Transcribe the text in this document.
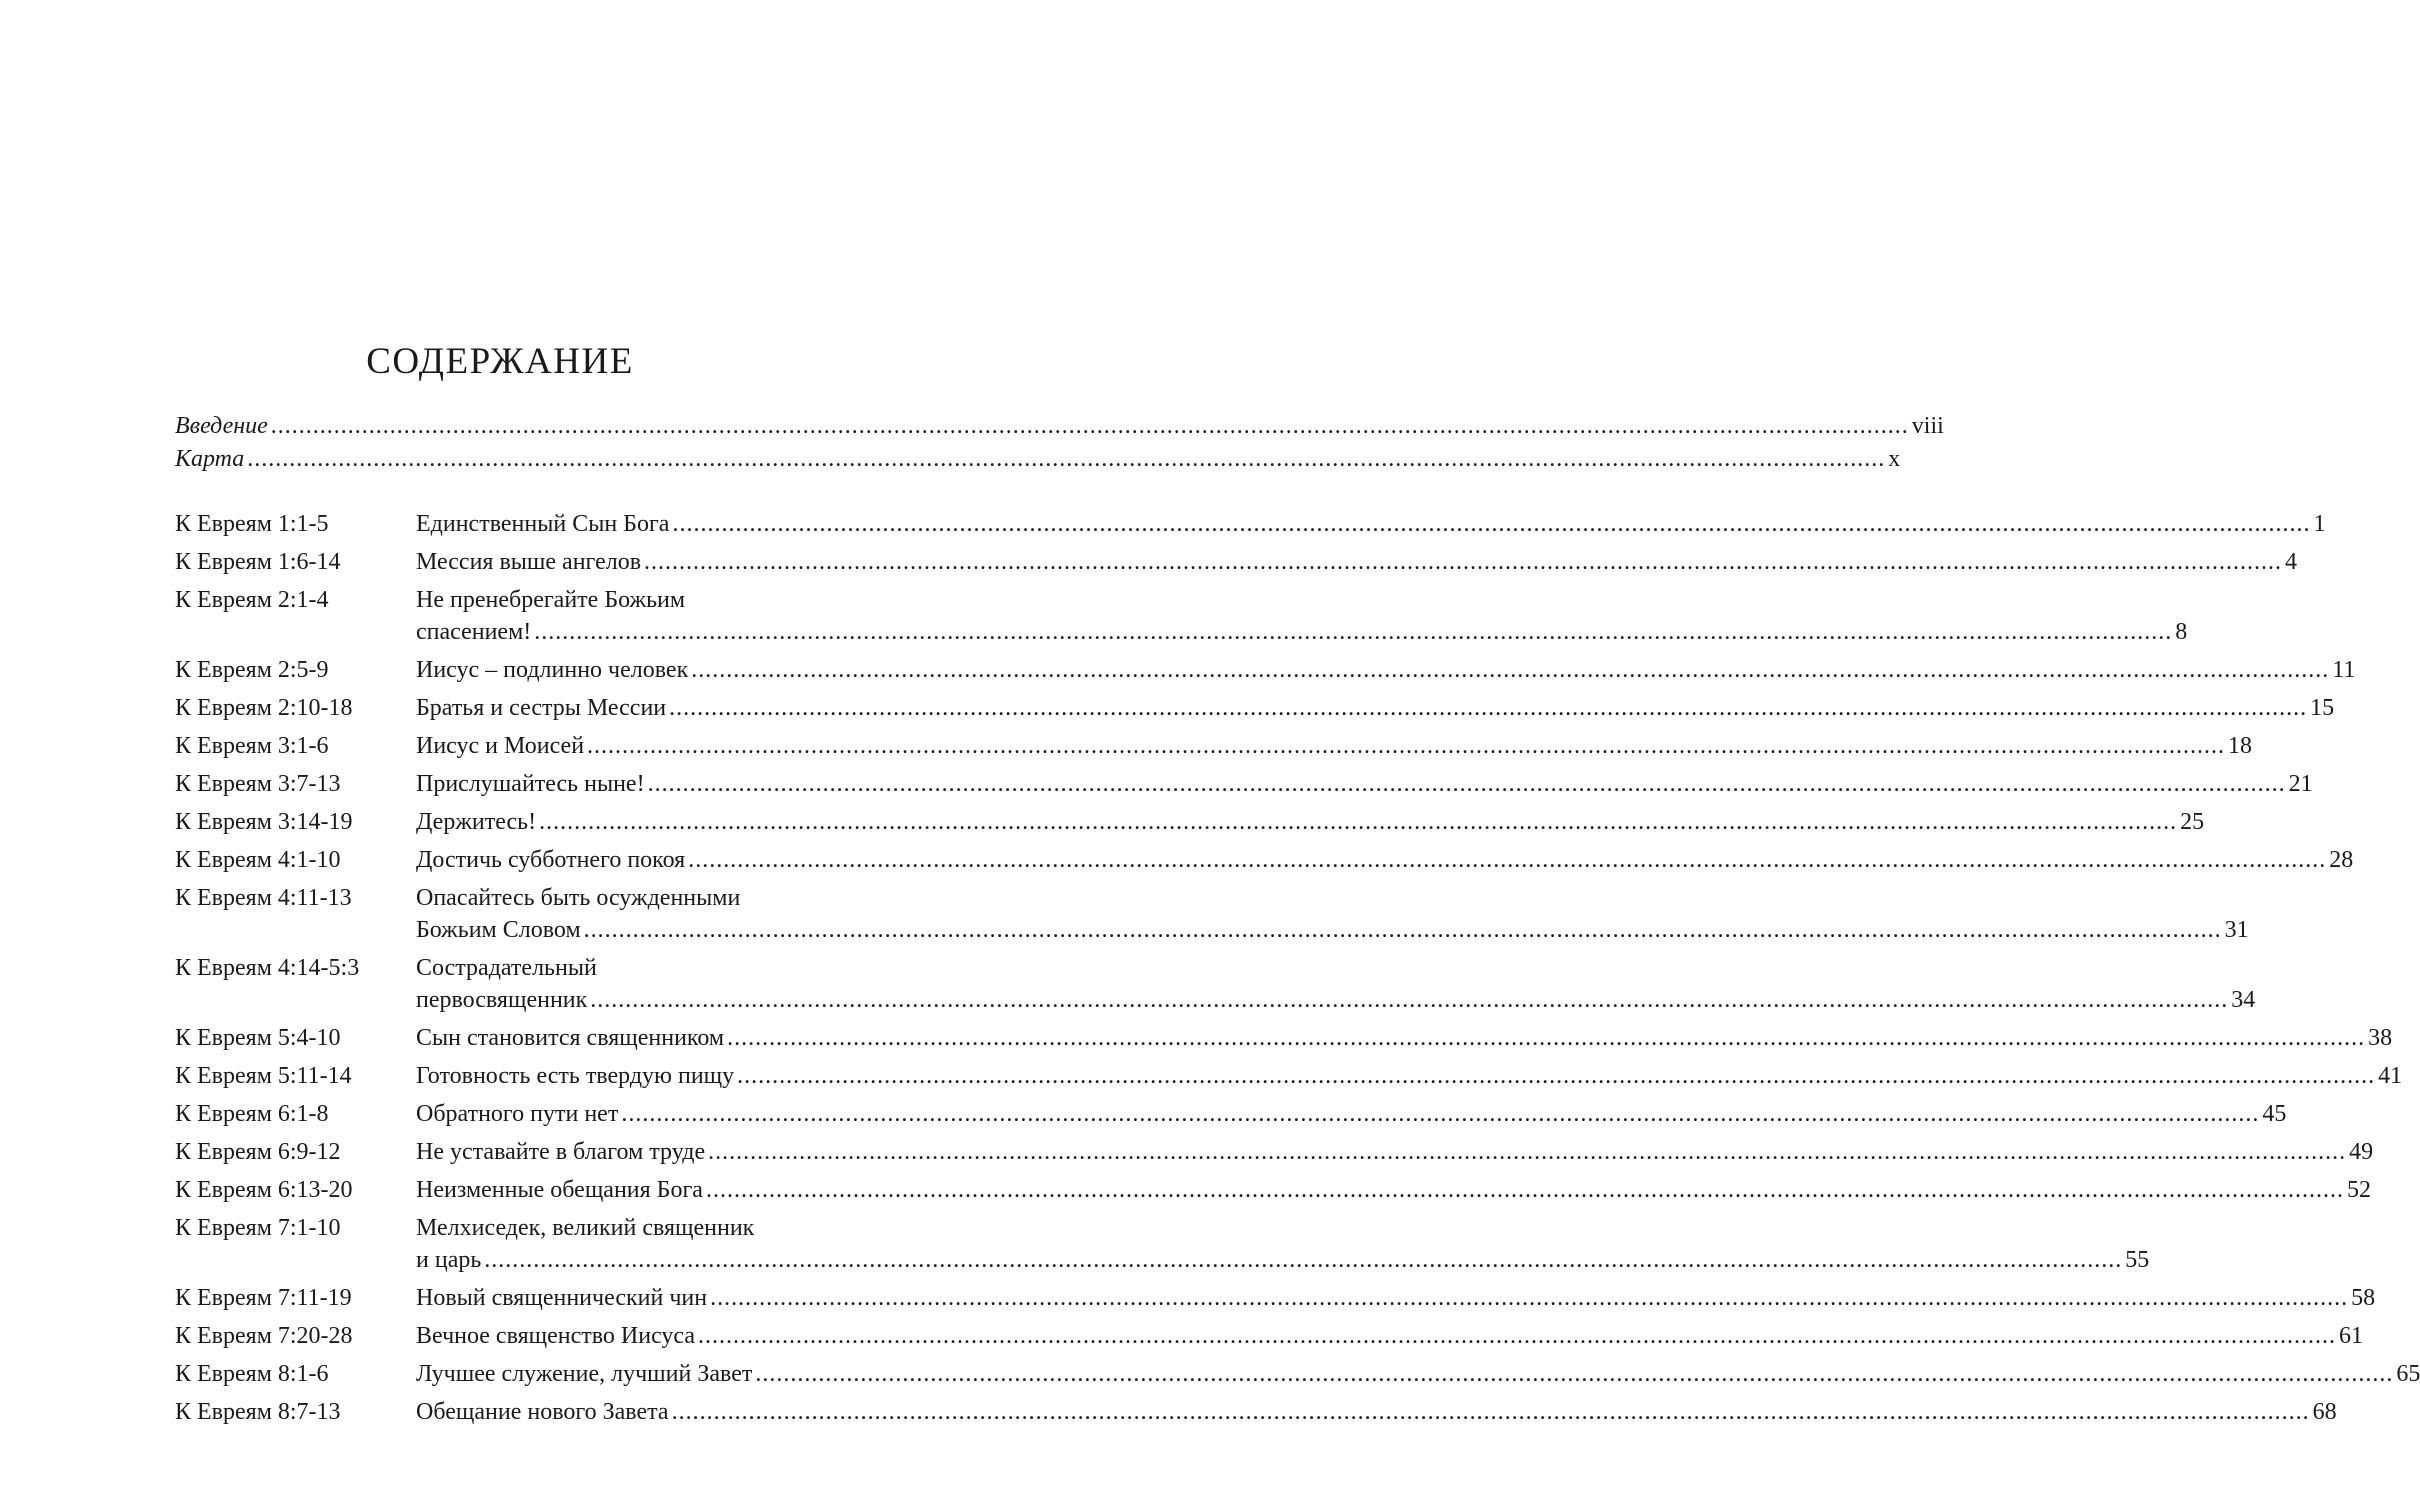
СОДЕРЖАНИЕ
Введение .....	viii
Карта .....	x
К Евреям 1:1-5	Единственный Сын Бога .....	1
К Евреям 1:6-14	Мессия выше ангелов .....	4
К Евреям 2:1-4	Не пренебрегайте Божьим
спасением! .....	8
К Евреям 2:5-9	Иисус – подлинно человек .....	11
К Евреям 2:10-18	Братья и сестры Мессии .....	15
К Евреям 3:1-6	Иисус и Моисей .....	18
К Евреям 3:7-13	Прислушайтесь ныне! .....	21
К Евреям 3:14-19	Держитесь! .....	25
К Евреям 4:1-10	Достичь субботнего покоя .....	28
К Евреям 4:11-13	Опасайтесь быть осужденными
Божьим Словом .....	31
К Евреям 4:14-5:3	Сострадательный
первосвященник .....	34
К Евреям 5:4-10	Сын становится священником .....	38
К Евреям 5:11-14	Готовность есть твердую пищу .....	41
К Евреям 6:1-8	Обратного пути нет .....	45
К Евреям 6:9-12	Не уставайте в благом труде .....	49
К Евреям 6:13-20	Неизменные обещания Бога .....	52
К Евреям 7:1-10	Мелхиседек, великий священник
и царь .....	55
К Евреям 7:11-19	Новый священнический чин .....	58
К Евреям 7:20-28	Вечное священство Иисуса .....	61
К Евреям 8:1-6	Лучшее служение, лучший Завет .....	65
К Евреям 8:7-13	Обещание нового Завета .....	68
